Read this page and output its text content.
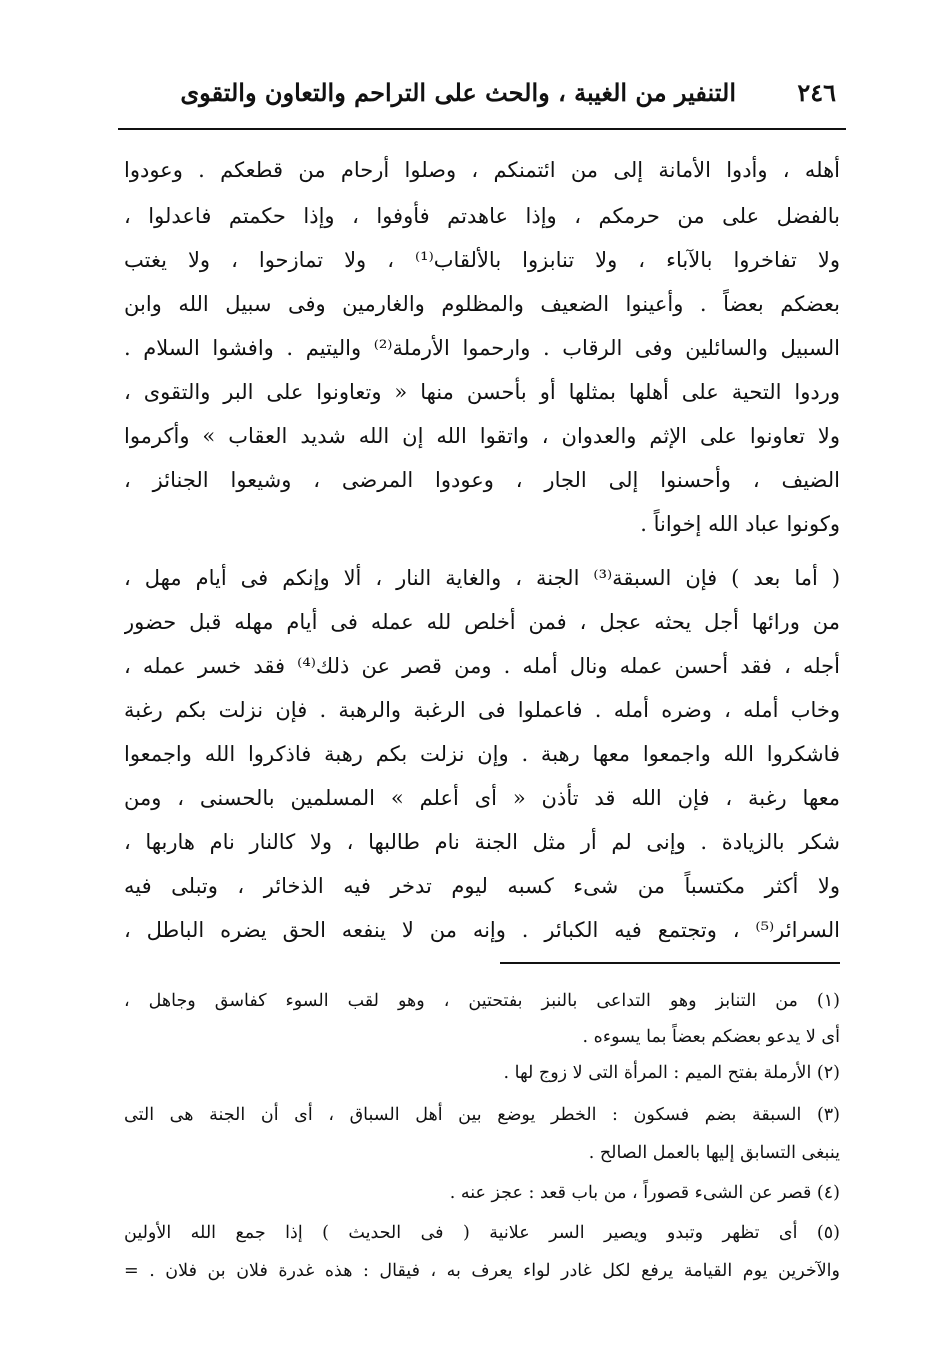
٢٤٦
التنفير من الغيبة ، والحث على التراحم والتعاون والتقوى
أهله ، وأدوا الأمانة إلى من ائتمنكم ، وصلوا أرحام من قطعكم . وعودوا
بالفضل على من حرمكم ، وإذا عاهدتم فأوفوا ، وإذا حكمتم فاعدلوا ،
ولا تفاخروا بالآباء ، ولا تنابزوا بالألقاب⁽¹⁾ ، ولا تمازحوا ، ولا يغتب
بعضكم بعضاً . وأعينوا الضعيف والمظلوم والغارمين وفى سبيل الله وابن
السبيل والسائلين وفى الرقاب . وارحموا الأرملة⁽²⁾ واليتيم . وافشوا السلام .
وردوا التحية على أهلها بمثلها أو بأحسن منها « وتعاونوا على البر والتقوى ،
ولا تعاونوا على الإثم والعدوان ، واتقوا الله إن الله شديد العقاب » وأكرموا
الضيف ، وأحسنوا إلى الجار ، وعودوا المرضى ، وشيعوا الجنائز ،
وكونوا عباد الله إخواناً .
( أما بعد ) فإن السبقة⁽³⁾ الجنة ، والغاية النار ، ألا وإنكم فى أيام مهل ،
من ورائها أجل يحثه عجل ، فمن أخلص لله عمله فى أيام مهله قبل حضور
أجله ، فقد أحسن عمله ونال أمله . ومن قصر عن ذلك⁽⁴⁾ فقد خسر عمله ،
وخاب أمله ، وضره أمله . فاعملوا فى الرغبة والرهبة . فإن نزلت بكم رغبة
فاشكروا الله واجمعوا معها رهبة . وإن نزلت بكم رهبة فاذكروا الله واجمعوا
معها رغبة ، فإن الله قد تأذن « أى أعلم » المسلمين بالحسنى ، ومن
شكر بالزيادة . وإنى لم أر مثل الجنة نام طالبها ، ولا كالنار نام هاربها ،
ولا أكثر مكتسباً من شىء كسبه ليوم تدخر فيه الذخائر ، وتبلى فيه
السرائر⁽⁵⁾ ، وتجتمع فيه الكبائر . وإنه من لا ينفعه الحق يضره الباطل ،
(١) من التنابز وهو التداعى بالنبز بفتحتين ، وهو لقب السوء كفاسق وجاهل ،
أى لا يدعو بعضكم بعضاً بما يسوءه .
(٢) الأرملة بفتح الميم : المرأة التى لا زوج لها .
(٣) السبقة بضم فسكون : الخطر يوضع بين أهل السباق ، أى أن الجنة هى التى
ينبغى التسابق إليها بالعمل الصالح .
(٤) قصر عن الشىء قصوراً ، من باب قعد : عجز عنه .
(٥) أى تظهر وتبدو ويصير السر علانية ( فى الحديث ) إذا جمع الله الأولين
والآخرين يوم القيامة يرفع لكل غادر لواء يعرف به ، فيقال : هذه غدرة فلان بن فلان . =
